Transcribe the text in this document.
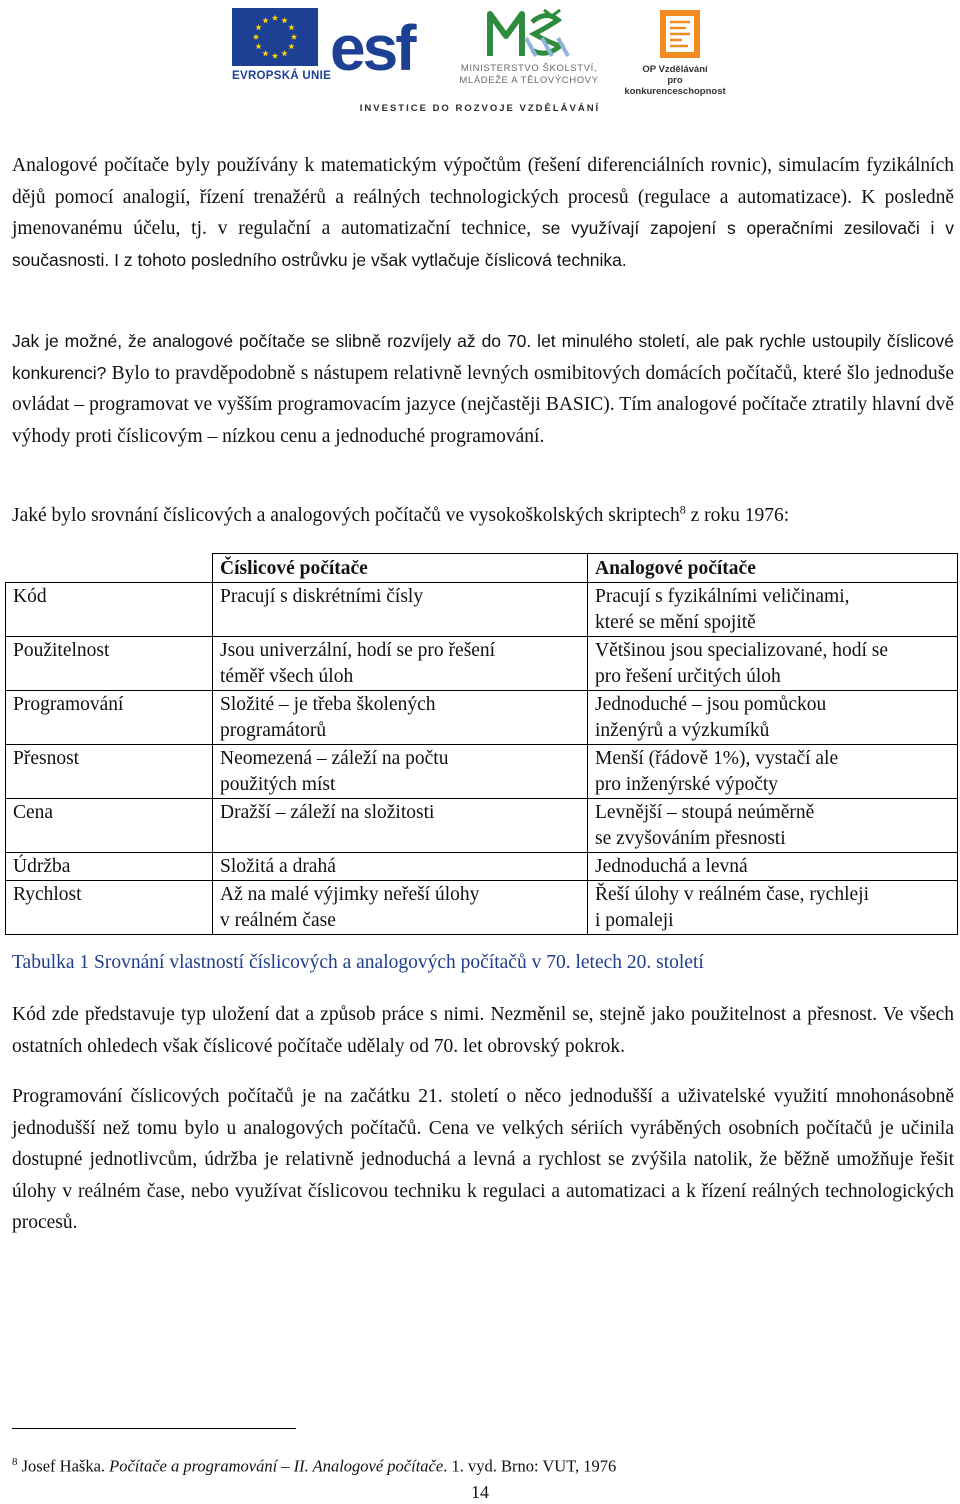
EVROPSKÁ UNIE
esf	MINISTERSTVO ŠKOLSTVÍ,
MLÁDEŽE A TĚLOVÝCHOVY
OP Vzdělávání
pro konkurenceschopnost
INVESTICE DO ROZVOJE VZDĚLÁVÁNÍ

Analogové počítače byly používány k matematickým výpočtům (řešení diferenciálních rovnic), simulacím fyzikálních dějů pomocí analogií, řízení trenažérů a reálných technologických procesů (regulace a automatizace). K posledně jmenovanému účelu, tj. v regulační a automatizační technice, se využívají zapojení s operačními zesilovači i v současnosti. I z tohoto posledního ostrůvku je však vytlačuje číslicová technika.

Jak je možné, že analogové počítače se slibně rozvíjely až do 70. let minulého století, ale pak rychle ustoupily číslicové konkurenci? Bylo to pravděpodobně s nástupem relativně levných osmibitových domácích počítačů, které šlo jednoduše ovládat – programovat ve vyšším programovacím jazyce (nejčastěji BASIC). Tím analogové počítače ztratily hlavní dvě výhody proti číslicovým – nízkou cenu a jednoduché programování.

Jaké bylo srovnání číslicových a analogových počítačů ve vysokoškolských skriptech$^8$ z roku 1976:

	Číslicové počítače	Analogové počítače
Kód	Pracují s diskrétními čísly	Pracují s fyzikálními veličinami,
které se mění spojitě

Použitelnost	Jsou univerzální, hodí se pro řešení
téměř všech úloh	Většinou jsou specializované, hodí se
pro řešení určitých úloh

Programování	Složité – je třeba školených
programátorů	Jednoduché – jsou pomůckou
inženýrů a výzkumíků

Přesnost	Neomezená – záleží na počtu
použitých míst	Menší (řádově 1%), vystačí ale
pro inženýrské výpočty

Cena	Dražší – záleží na složitosti	Levnější – stoupá neúměrně
se zvyšováním přesnosti

Údržba	Složitá a drahá	Jednoduchá a levná

Rychlost	Až na malé výjimky neřeší úlohy
v reálném čase	Řeší úlohy v reálném čase, rychleji
i pomaleji
Tabulka 1 Srovnání vlastností číslicových a analogových počítačů v 70. letech 20. století

Kód zde představuje typ uložení dat a způsob práce s nimi. Nezměnil se, stejně jako použitelnost a přesnost. Ve všech ostatních ohledech však číslicové počítače udělaly od 70. let obrovský pokrok.

Programování číslicových počítačů je na začátku 21. století o něco jednodušší a uživatelské využití mnohonásobně jednodušší než tomu bylo u analogových počítačů. Cena ve velkých sériích vyráběných osobních počítačů je učinila dostupné jednotlivcům, údržba je relativně jednoduchá a levná a rychlost se zvýšila natolik, že běžně umožňuje řešit úlohy v reálném čase, nebo využívat číslicovou techniku k regulaci a automatizaci a k řízení reálných technologických procesů.

$^8$ Josef Haška. Počítače a programování – II. Analogové počítače. 1. vyd. Brno: VUT, 1976
14
